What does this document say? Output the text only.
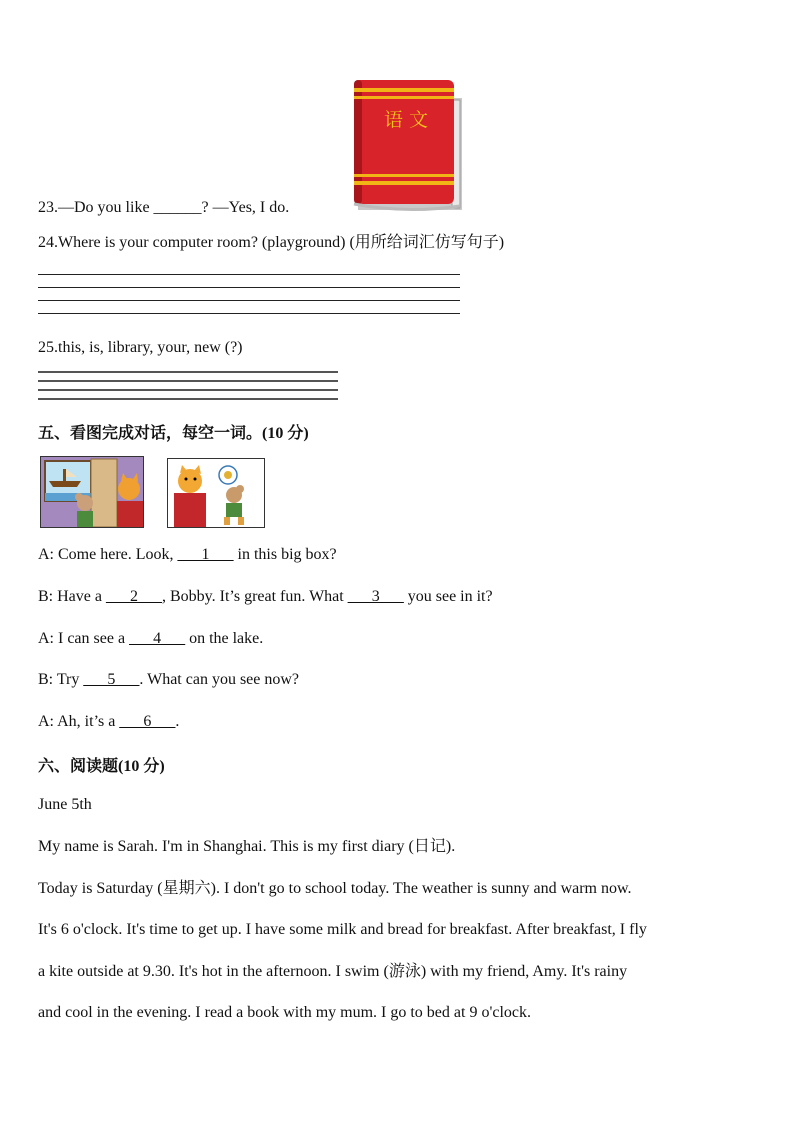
语 文
23.—Do you like ______? —Yes, I do.
24.Where is your computer room? (playground) (用所给词汇仿写句子)
25.this, is, library, your, new (?)
五、看图完成对话，每空一词。(10 分)
A: Come here. Look, ___1___ in this big box?
B: Have a ___2___, Bobby. It’s great fun. What ___3___ you see in it?
A: I can see a ___4___ on the lake.
B: Try ___5___. What can you see now?
A: Ah, it’s a ___6___.
六、阅读题(10 分)
June 5th
My name is Sarah. I'm in Shanghai. This is my first diary (日记).
Today is Saturday (星期六). I don't go to school today. The weather is sunny and warm now.
It's 6 o'clock. It's time to get up. I have some milk and bread for breakfast. After breakfast, I fly
a kite outside at 9.30. It's hot in the afternoon. I swim (游泳) with my friend, Amy. It's rainy
and cool in the evening. I read a book with my mum. I go to bed at 9 o'clock.
